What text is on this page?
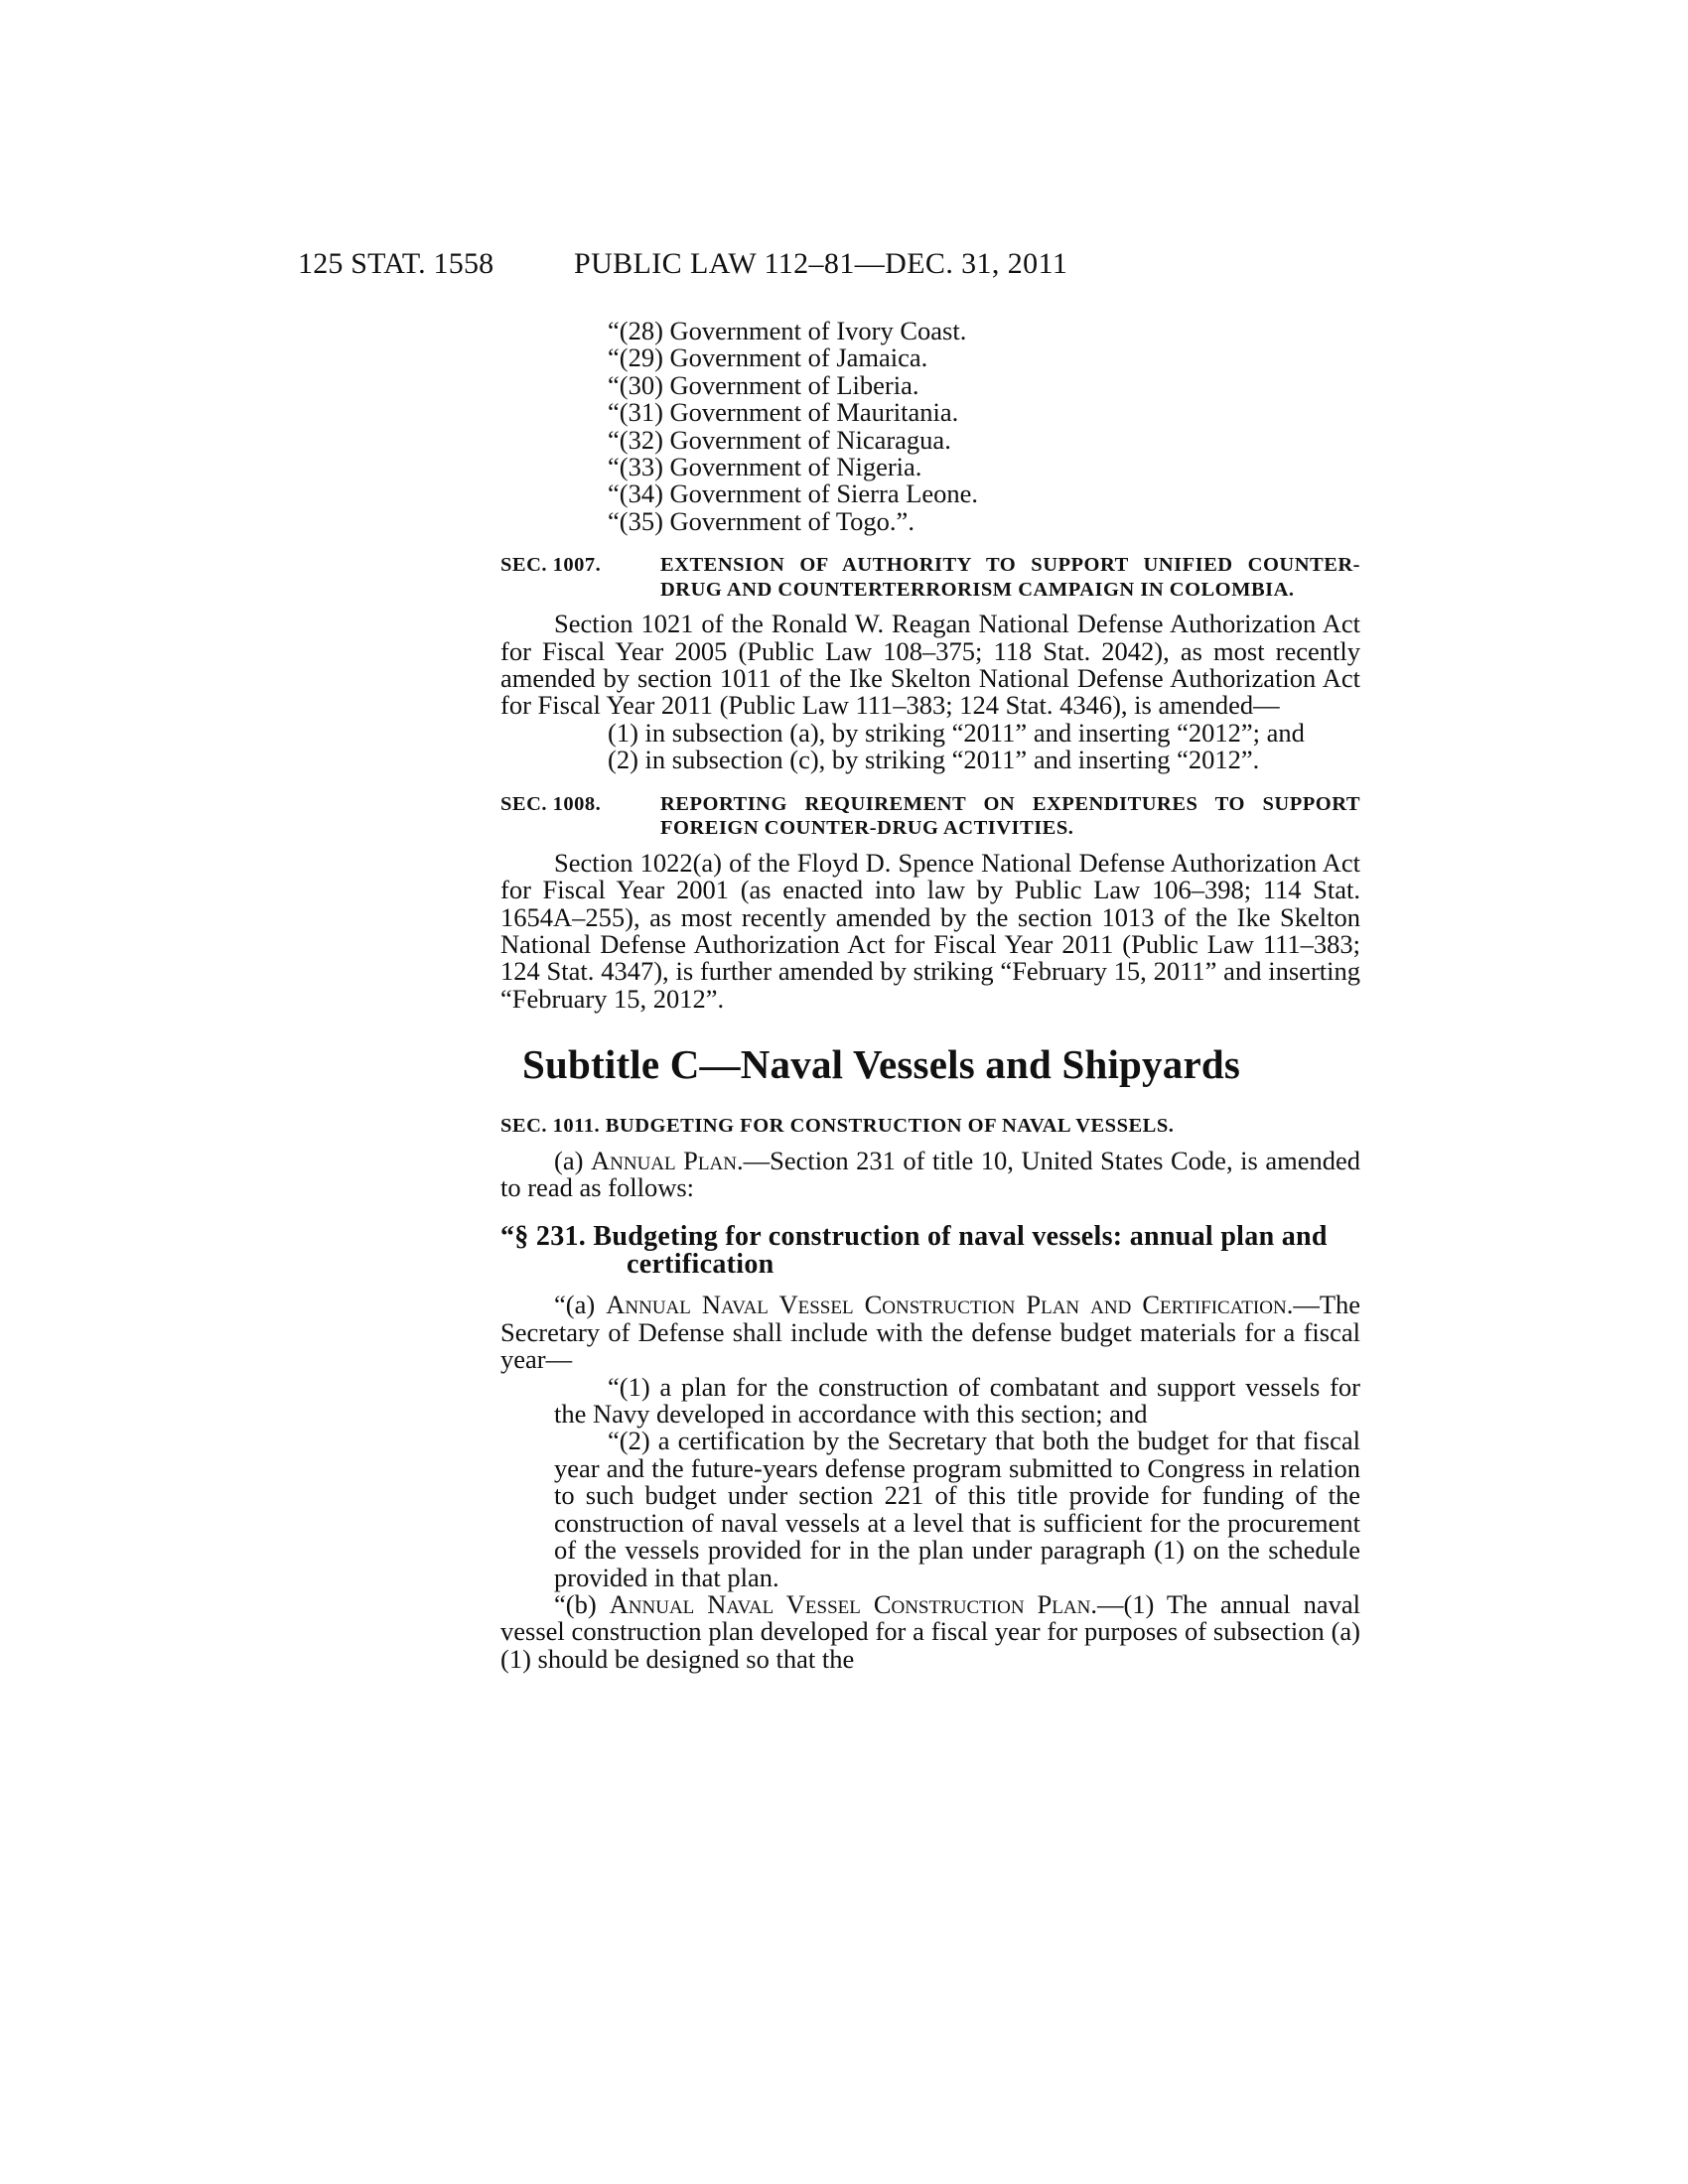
125 STAT. 1558	PUBLIC LAW 112–81—DEC. 31, 2011
“(28) Government of Ivory Coast.
“(29) Government of Jamaica.
“(30) Government of Liberia.
“(31) Government of Mauritania.
“(32) Government of Nicaragua.
“(33) Government of Nigeria.
“(34) Government of Sierra Leone.
“(35) Government of Togo.”.
SEC. 1007.	EXTENSION OF AUTHORITY TO SUPPORT UNIFIED COUNTER-DRUG AND COUNTERTERRORISM CAMPAIGN IN COLOMBIA.

Section 1021 of the Ronald W. Reagan National Defense Authorization Act for Fiscal Year 2005 (Public Law 108–375; 118 Stat. 2042), as most recently amended by section 1011 of the Ike Skelton National Defense Authorization Act for Fiscal Year 2011 (Public Law 111–383; 124 Stat. 4346), is amended—

(1) in subsection (a), by striking “2011” and inserting “2012”; and

(2) in subsection (c), by striking “2011” and inserting “2012”.

SEC. 1008.	REPORTING REQUIREMENT ON EXPENDITURES TO SUPPORT FOREIGN COUNTER-DRUG ACTIVITIES.

Section 1022(a) of the Floyd D. Spence National Defense Authorization Act for Fiscal Year 2001 (as enacted into law by Public Law 106–398; 114 Stat. 1654A–255), as most recently amended by the section 1013 of the Ike Skelton National Defense Authorization Act for Fiscal Year 2011 (Public Law 111–383; 124 Stat. 4347), is further amended by striking “February 15, 2011” and inserting “February 15, 2012”.

Subtitle C—Naval Vessels and Shipyards
SEC. 1011. BUDGETING FOR CONSTRUCTION OF NAVAL VESSELS.

(a) Annual Plan.—Section 231 of title 10, United States Code, is amended to read as follows:

“§ 231. Budgeting for construction of naval vessels: annual plan and certification

“(a) Annual Naval Vessel Construction Plan and Certification.—The Secretary of Defense shall include with the defense budget materials for a fiscal year—

“(1) a plan for the construction of combatant and support vessels for the Navy developed in accordance with this section; and

“(2) a certification by the Secretary that both the budget for that fiscal year and the future-years defense program submitted to Congress in relation to such budget under section 221 of this title provide for funding of the construction of naval vessels at a level that is sufficient for the procurement of the vessels provided for in the plan under paragraph (1) on the schedule provided in that plan.

“(b) Annual Naval Vessel Construction Plan.—(1) The annual naval vessel construction plan developed for a fiscal year for purposes of subsection (a)(1) should be designed so that the
